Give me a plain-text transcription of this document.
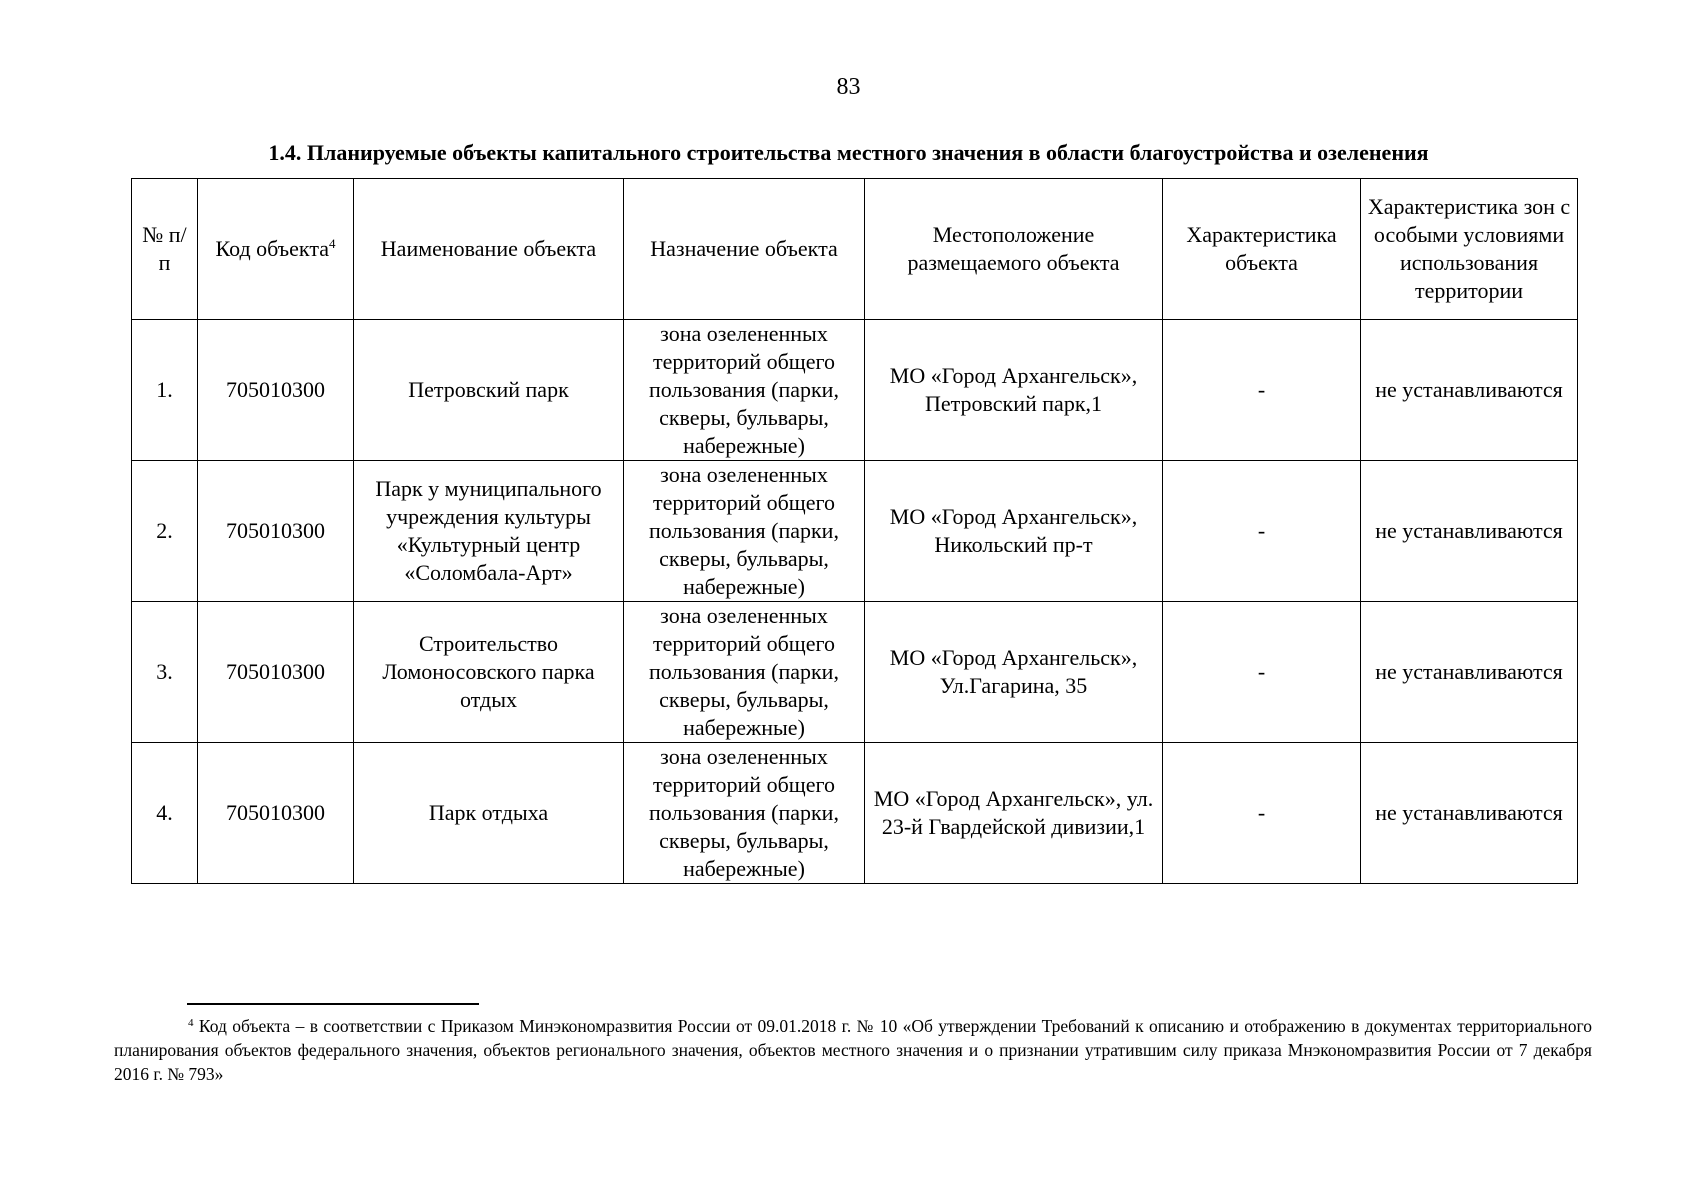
83
1.4. Планируемые объекты капитального строительства местного значения в области благоустройства и озеленения
№ п/п	Код объекта$^4$	Наименование объекта	Назначение объекта	Местоположение размещаемого объекта	Характеристика объекта	Характеристика зон с особыми условиями использования территории
1.	705010300	Петровский парк	зона озелененных территорий общего пользования (парки, скверы, бульвары, набережные)	МО «Город Архангельск», Петровский парк,1	-	не устанавливаются
2.	705010300	Парк у муниципального учреждения культуры «Культурный центр «Соломбала-Арт»	зона озелененных территорий общего пользования (парки, скверы, бульвары, набережные)	МО «Город Архангельск», Никольский пр-т	-	не устанавливаются
3.	705010300	Строительство Ломоносовского парка отдых	зона озелененных территорий общего пользования (парки, скверы, бульвары, набережные)	МО «Город Архангельск», Ул.Гагарина, 35	-	не устанавливаются
4.	705010300	Парк отдыха	зона озелененных территорий общего пользования (парки, скверы, бульвары, набережные)	МО «Город Архангельск», ул. 23-й Гвардейской дивизии,1	-	не устанавливаются
$^4$ Код объекта – в соответствии с Приказом Минэкономразвития России от 09.01.2018 г. № 10 «Об утверждении Требований к описанию и отображению в документах территориального планирования объектов федерального значения, объектов регионального значения, объектов местного значения и о признании утратившим силу приказа Мнэкономразвития России от 7 декабря 2016 г. № 793»
